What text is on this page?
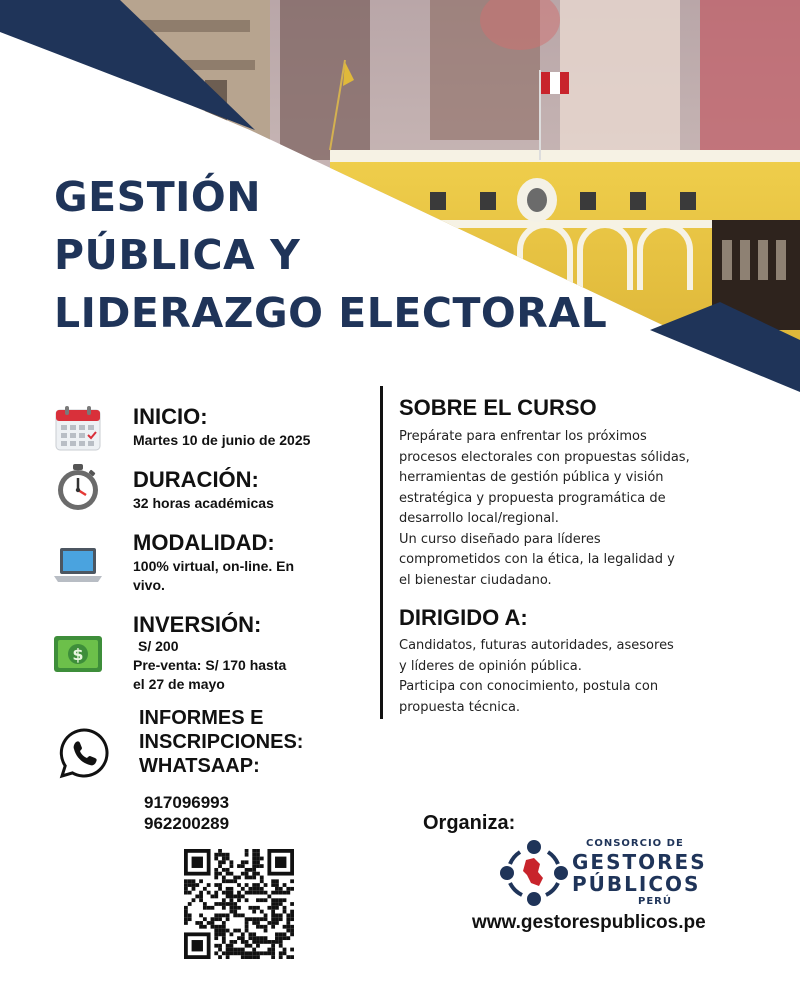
GESTIÓN
PÚBLICA Y
LIDERAZGO ELECTORAL

INICIO:

Martes 10 de junio de 2025

DURACIÓN:

32 horas académicas

MODALIDAD:

100% virtual, on-line. En
vivo.

$

INVERSIÓN:

S/ 200

Pre-venta: S/ 170 hasta
el 27 de mayo

INFORMES E
INSCRIPCIONES:
WHATSAAP:

917096993
962200289
SOBRE EL CURSO
Prepárate para enfrentar los próximos
procesos electorales con propuestas sólidas,
herramientas de gestión pública y visión
estratégica y propuesta programática de
desarrollo local/regional.
Un curso diseñado para líderes
comprometidos con la ética, la legalidad y
el bienestar ciudadano.
DIRIGIDO A:
Candidatos, futuras autoridades, asesores
y líderes de opinión pública.
Participa con conocimiento, postula con
propuesta técnica.

Organiza:

CONSORCIO DE
GESTORES
PÚBLICOS
PERÚ

www.gestorespublicos.pe
